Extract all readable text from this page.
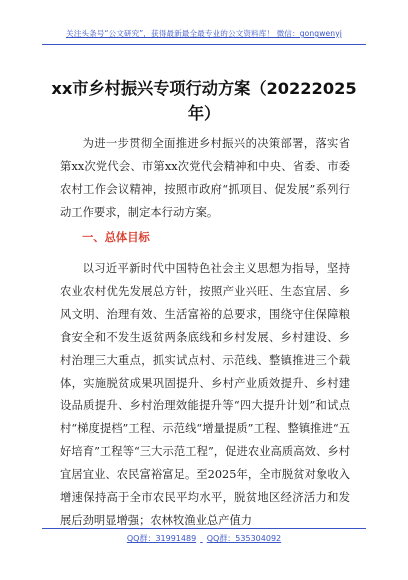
关注头条号“公文研究”，获得最新最全最专业的公文资料库！ 微信：gongwenyj
xx市乡村振兴专项行动方案（20222025年）
为进一步贯彻全面推进乡村振兴的决策部署，落实省第xx次党代会、市第xx次党代会精神和中央、省委、市委农村工作会议精神，按照市政府“抓项目、促发展”系列行动工作要求，制定本行动方案。
一、总体目标
以习近平新时代中国特色社会主义思想为指导，坚持农业农村优先发展总方针，按照产业兴旺、生态宜居、乡风文明、治理有效、生活富裕的总要求，围绕守住保障粮食安全和不发生返贫两条底线和乡村发展、乡村建设、乡村治理三大重点，抓实试点村、示范线、整镇推进三个载体，实施脱贫成果巩固提升、乡村产业质效提升、乡村建设品质提升、乡村治理效能提升等“四大提升计划”和试点村“梯度提档”工程、示范线“增量提质”工程、整镇推进“五好培育”工程等“三大示范工程”，促进农业高质高效、乡村宜居宜业、农民富裕富足。至2025年，全市脱贫对象收入增速保持高于全市农民平均水平，脱贫地区经济活力和发展后劲明显增强；农林牧渔业总产值力
QQ群：31991489 QQ群：535304092
